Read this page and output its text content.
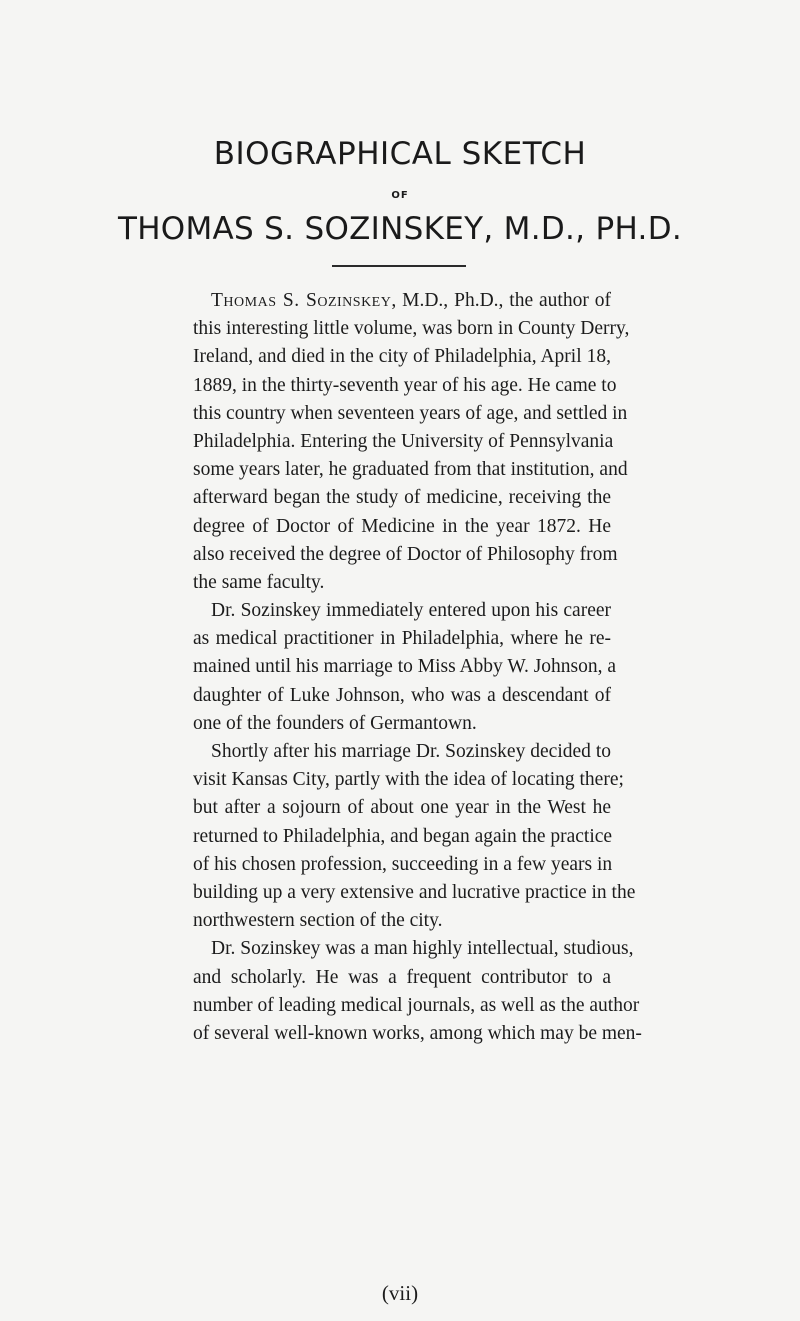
BIOGRAPHICAL SKETCH
OF
THOMAS S. SOZINSKEY, M.D., PH.D.
Thomas S. Sozinskey, M.D., Ph.D., the author of
this interesting little volume, was born in County Derry,
Ireland, and died in the city of Philadelphia, April 18,
1889, in the thirty-seventh year of his age. He came to
this country when seventeen years of age, and settled in
Philadelphia. Entering the University of Pennsylvania
some years later, he graduated from that institution, and
afterward began the study of medicine, receiving the
degree of Doctor of Medicine in the year 1872. He
also received the degree of Doctor of Philosophy from
the same faculty.
Dr. Sozinskey immediately entered upon his career
as medical practitioner in Philadelphia, where he re-
mained until his marriage to Miss Abby W. Johnson, a
daughter of Luke Johnson, who was a descendant of
one of the founders of Germantown.
Shortly after his marriage Dr. Sozinskey decided to
visit Kansas City, partly with the idea of locating there;
but after a sojourn of about one year in the West he
returned to Philadelphia, and began again the practice
of his chosen profession, succeeding in a few years in
building up a very extensive and lucrative practice in the
northwestern section of the city.
Dr. Sozinskey was a man highly intellectual, studious,
and scholarly. He was a frequent contributor to a
number of leading medical journals, as well as the author
of several well-known works, among which may be men-
(vii)
